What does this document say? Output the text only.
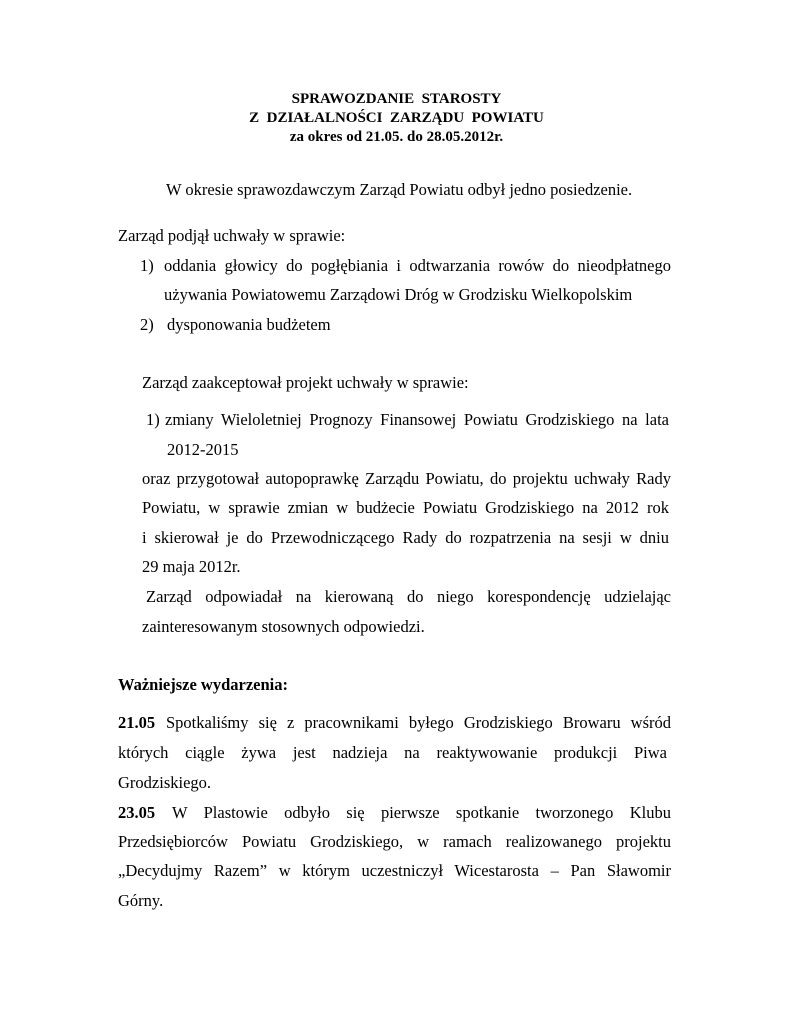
SPRAWOZDANIE  STAROSTY
Z  DZIAŁALNOŚCI  ZARZĄDU  POWIATU
za okres od 21.05. do 28.05.2012r.
W okresie sprawozdawczym Zarząd Powiatu odbył jedno posiedzenie.
Zarząd podjął uchwały w sprawie:
1) oddania głowicy do pogłębiania i odtwarzania rowów do nieodpłatnego
używania Powiatowemu Zarządowi Dróg w Grodzisku Wielkopolskim
2) dysponowania budżetem
Zarząd zaakceptował projekt uchwały w sprawie:
1) zmiany Wieloletniej Prognozy Finansowej Powiatu Grodziskiego na lata
2012-2015
oraz przygotował autopoprawkę Zarządu Powiatu, do projektu uchwały Rady
Powiatu, w sprawie zmian w budżecie Powiatu Grodziskiego na 2012 rok
i skierował je do Przewodniczącego Rady do rozpatrzenia na sesji w dniu
29 maja 2012r.
Zarząd odpowiadał na kierowaną do niego korespondencję udzielając
zainteresowanym stosownych odpowiedzi.
Ważniejsze wydarzenia:
21.05 Spotkaliśmy się z pracownikami byłego Grodziskiego Browaru wśród
których ciągle żywa jest nadzieja na reaktywowanie produkcji Piwa
Grodziskiego.
23.05 W Plastowie odbyło się pierwsze spotkanie tworzonego Klubu
Przedsiębiorców Powiatu Grodziskiego, w ramach realizowanego projektu
„Decydujmy Razem” w którym uczestniczył Wicestarosta – Pan Sławomir
Górny.
